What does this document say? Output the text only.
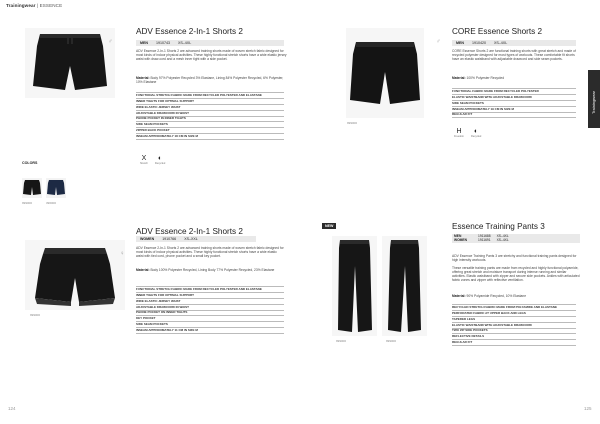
Trainingwear | ESSENCE
Trainingwear
♂
ADV Essence 2-In-1 Shorts 2
MEN	1910743	XS–4XL
ADV Essence 2-In-1 Shorts 2 are advanced training shorts made of woven stretch fabric designed for most kinds of indoor physical activities. These highly functional stretch shorts have a wide elastic jersey waist with draw-cord and a mesh inner tight with a side pocket.
Material: Body 97% Polyester Recycled 3% Elastane, Lining 84% Polyester Recycled, 6% Polyester, 10% Elastane
FUNCTIONAL STRETCH FABRIC MADE FROM RECYCLED POLYESTER AND ELASTANE
INNER TIGHTS FOR OPTIMAL SUPPORT
WIDE ELASTIC JERSEY WAIST
ADJUSTABLE DRAWCORD IN WAIST
PHONE POCKET IN INNER TIGHTS
SIDE SEAM POCKETS
ZIPPER BACK POCKET
INSEAM APPROXIMATELY 18 CM IN SIZE M
X
Stretch
◐
Recycled
COLORS
999000	396000
999000
♂
CORE Essence Shorts 2
MEN	1910420	XS–4XL
CORE Essence Shorts 2 are functional training shorts with great stretch and made of recycled polyester designed for most types of workouts. These comfortable fit shorts have an elastic waistband with adjustable drawcord and side seam pockets.
Material: 100% Polyester Recycled
FUNCTIONAL FABRIC MADE FROM RECYCLED POLYESTER
ELASTIC WAISTBAND WITH ADJUSTABLE DRAWCORD
SIDE SEAM POCKETS
INSEAM APPROXIMATELY 19 CM IN SIZE M
REGULAR FIT
H
Freedom
◐
Recycled
999000
♀
ADV Essence 2-In-1 Shorts 2
WOMEN	1910766	XS–XXL
ADV Essence 2-In-1 Shorts 2 are advanced training shorts made of woven stretch fabric designed for most kinds of indoor physical activities. These highly functional stretch shorts have a wide elastic waist with tied cord, phone pocket and a small key pocket.
Material: Body 100% Polyester Recycled, Lining Body 77% Polyester Recycled, 23% Elastane
FUNCTIONAL STRETCH FABRIC MADE FROM RECYCLED POLYESTER AND ELASTANE
INNER TIGHTS FOR OPTIMAL SUPPORT
WIDE ELASTIC JERSEY WAIST
ADJUSTABLE DRAWCORD IN WAIST
PHONE POCKET ON INNER TIGHTS
KEY POCKET
SIDE SEAM POCKETS
INSEAM APPROXIMATELY 11 CM IN SIZE M
NEW
999000	999000
Essence Training Pants 3
MEN	1911688 XS–4XL
WOMEN	1911691 XS–4XL
ADV Essence Training Pants 3 are stretchy and functional training pants designed for high intensity workouts.
These versatile training pants are made from recycled and highly functional polyamide, offering great stretch and moisture transport during intense running and similar activities. Elastic waistband with zipper and secure side pockets. Ankles with articulated fabric zones and zipper with reflective ventilation.
Material: 90% Polyamide Recycled, 10% Elastane
RECYCLED STRETCH FABRIC MADE FROM POLYAMIDE AND ELASTANE
PERFORATED FABRIC AT UPPER BACK AND LEGS
TAPERED LEGS
ELASTIC WAISTBAND WITH ADJUSTABLE DRAWCORD
TWO ZIP SIDE POCKETS
REFLECTIVE DETAILS
REGULAR FIT
124	125
